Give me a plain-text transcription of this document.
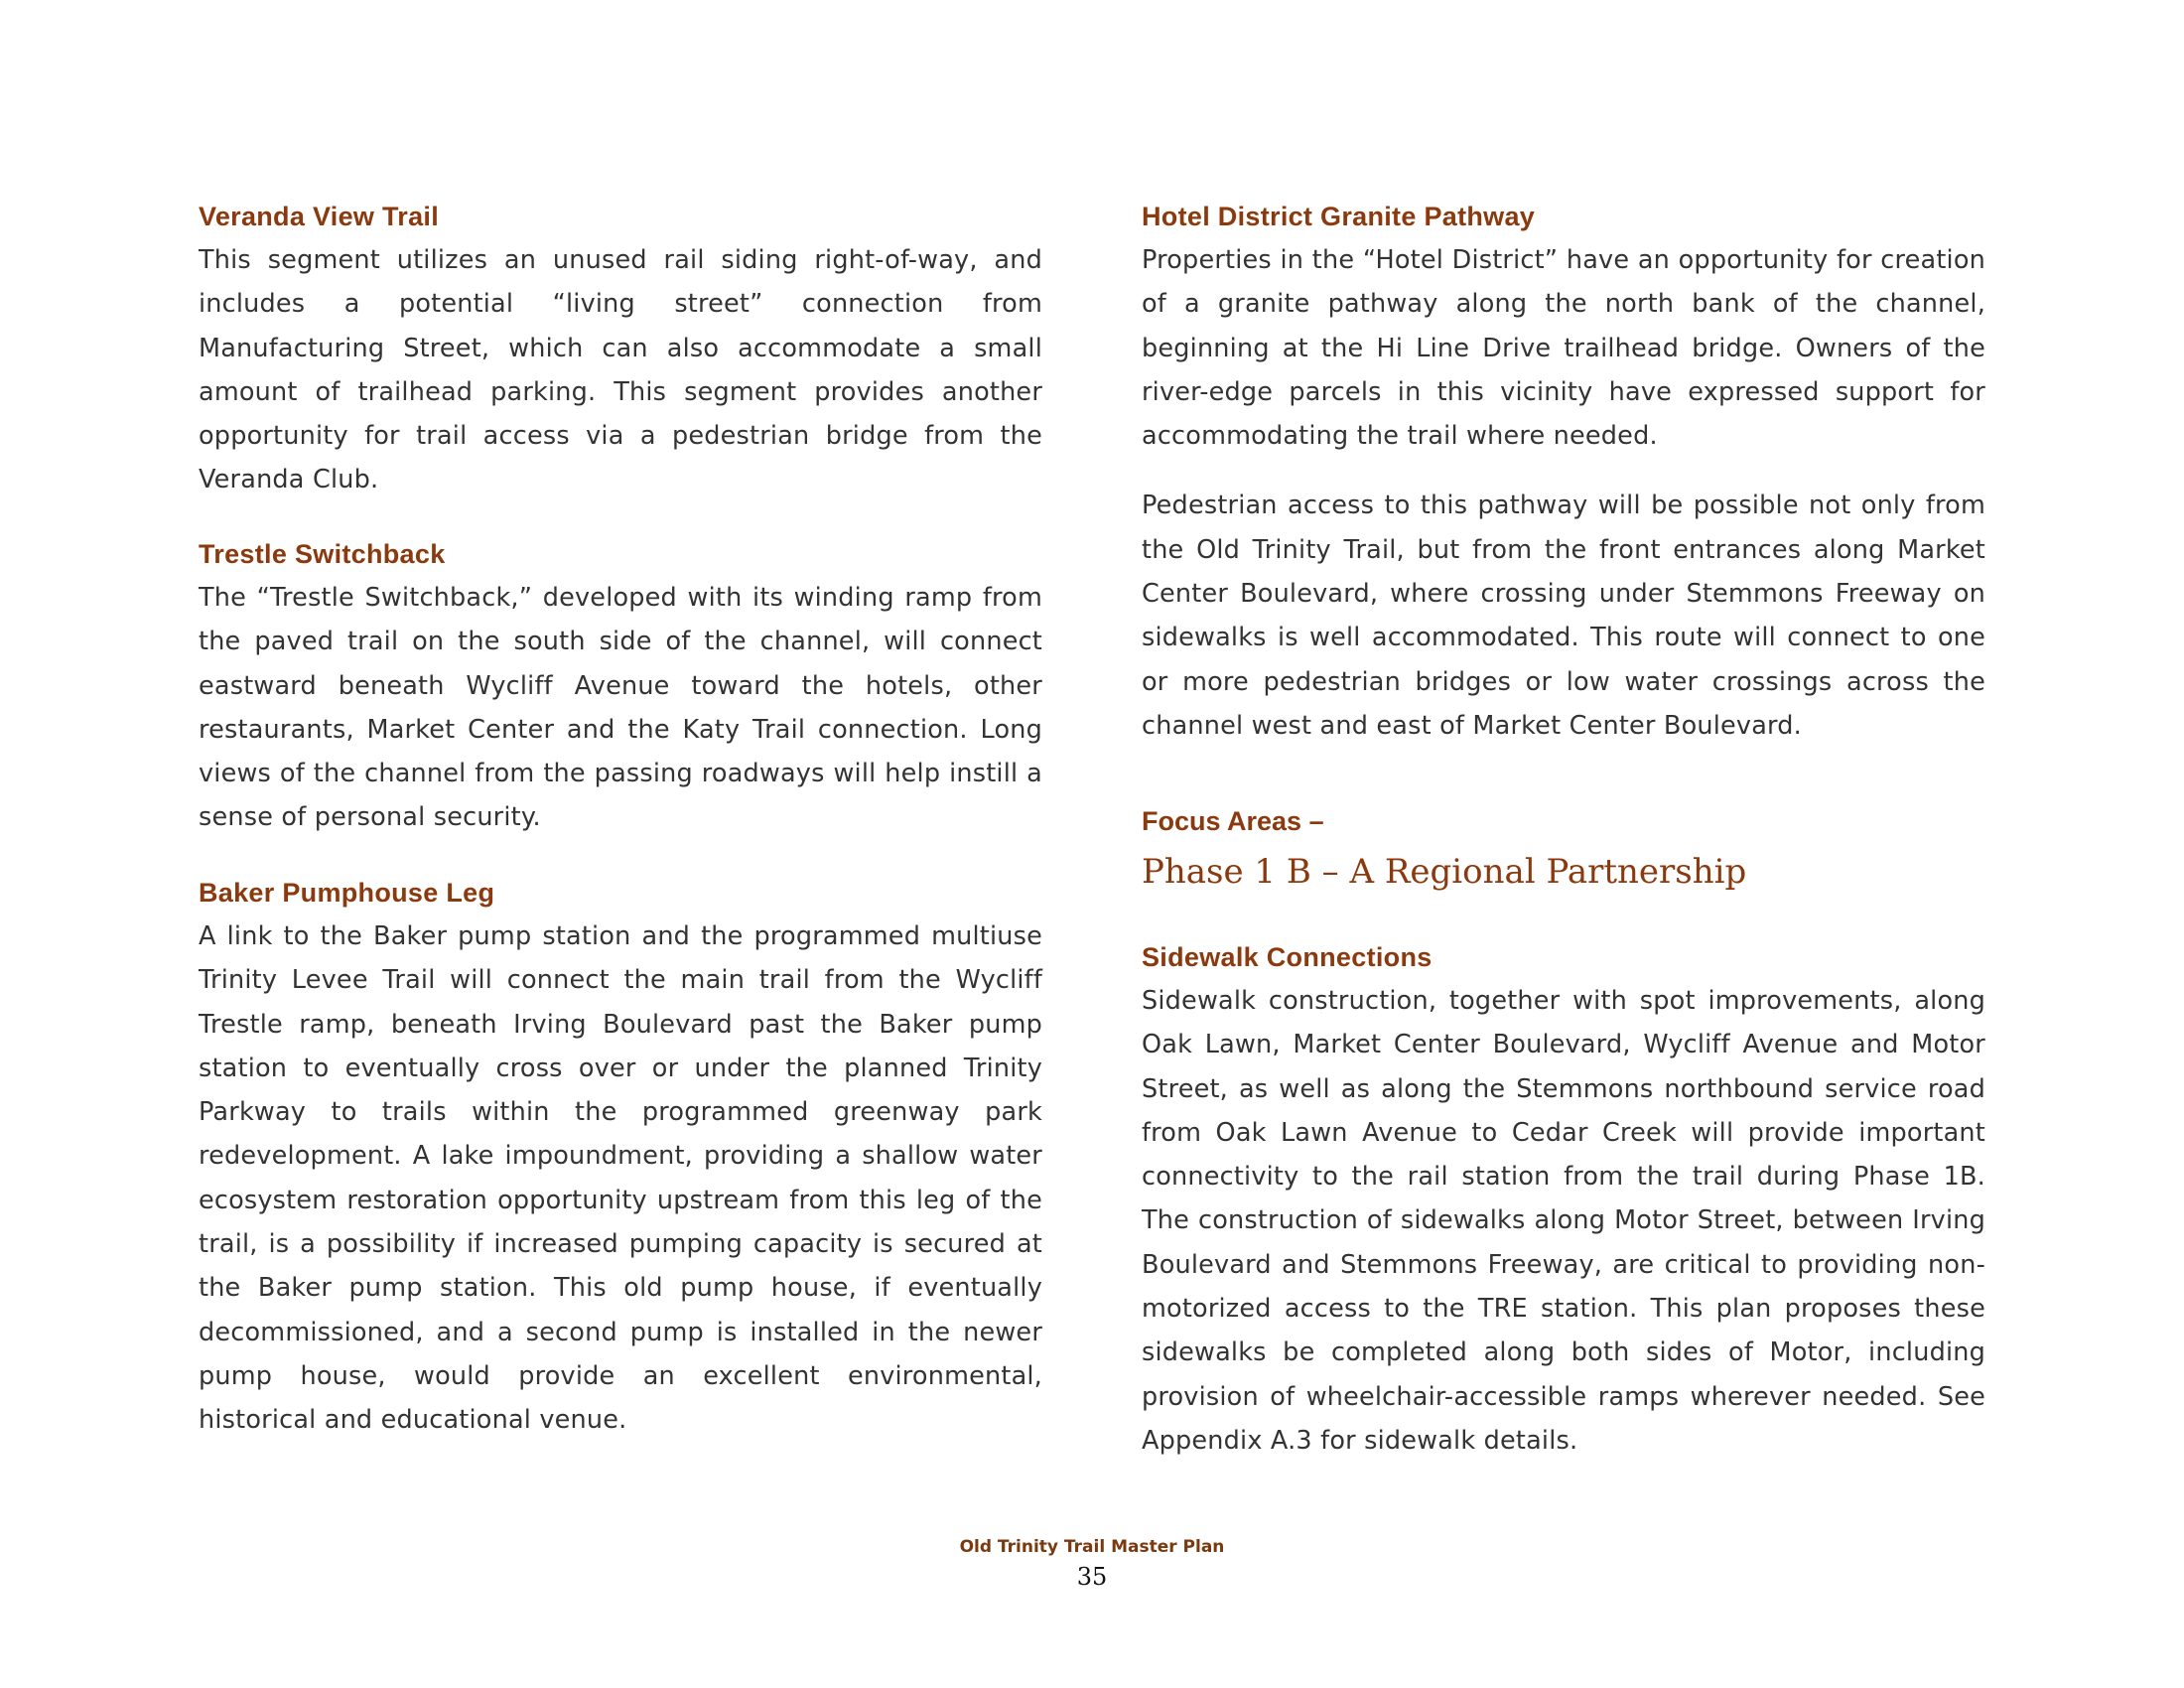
Veranda View Trail

This segment utilizes an unused rail siding right-of-way, and includes a potential “living street” connection from Manufacturing Street, which can also accommodate a small amount of trailhead parking. This segment provides another opportunity for trail access via a pedestrian bridge from the Veranda Club.

Trestle Switchback

The “Trestle Switchback,” developed with its winding ramp from the paved trail on the south side of the channel, will connect eastward beneath Wycliff Avenue toward the hotels, other restaurants, Market Center and the Katy Trail connection. Long views of the channel from the passing roadways will help instill a sense of personal security.

Baker Pumphouse Leg

A link to the Baker pump station and the programmed multiuse Trinity Levee Trail will connect the main trail from the Wycliff Trestle ramp, beneath Irving Boulevard past the Baker pump station to eventually cross over or under the planned Trinity Parkway to trails within the programmed greenway park redevelopment. A lake impoundment, providing a shallow water ecosystem restoration opportunity upstream from this leg of the trail, is a possibility if increased pumping capacity is secured at the Baker pump station. This old pump house, if eventually decommissioned, and a second pump is installed in the newer pump house, would provide an excellent environmental, historical and educational venue.

Hotel District Granite Pathway

Properties in the “Hotel District” have an opportunity for creation of a granite pathway along the north bank of the channel, beginning at the Hi Line Drive trailhead bridge. Owners of the river-edge parcels in this vicinity have expressed support for accommodating the trail where needed.

Pedestrian access to this pathway will be possible not only from the Old Trinity Trail, but from the front entrances along Market Center Boulevard, where crossing under Stemmons Freeway on sidewalks is well accommodated. This route will connect to one or more pedestrian bridges or low water crossings across the channel west and east of Market Center Boulevard.

Focus Areas –
Phase 1 B – A Regional Partnership
Sidewalk Connections

Sidewalk construction, together with spot improvements, along Oak Lawn, Market Center Boulevard, Wycliff Avenue and Motor Street, as well as along the Stemmons northbound service road from Oak Lawn Avenue to Cedar Creek will provide important connectivity to the rail station from the trail during Phase 1B. The construction of sidewalks along Motor Street, between Irving Boulevard and Stemmons Freeway, are critical to providing non-motorized access to the TRE station. This plan proposes these sidewalks be completed along both sides of Motor, including provision of wheelchair-accessible ramps wherever needed. See Appendix A.3 for sidewalk details.

Old Trinity Trail Master Plan
35
